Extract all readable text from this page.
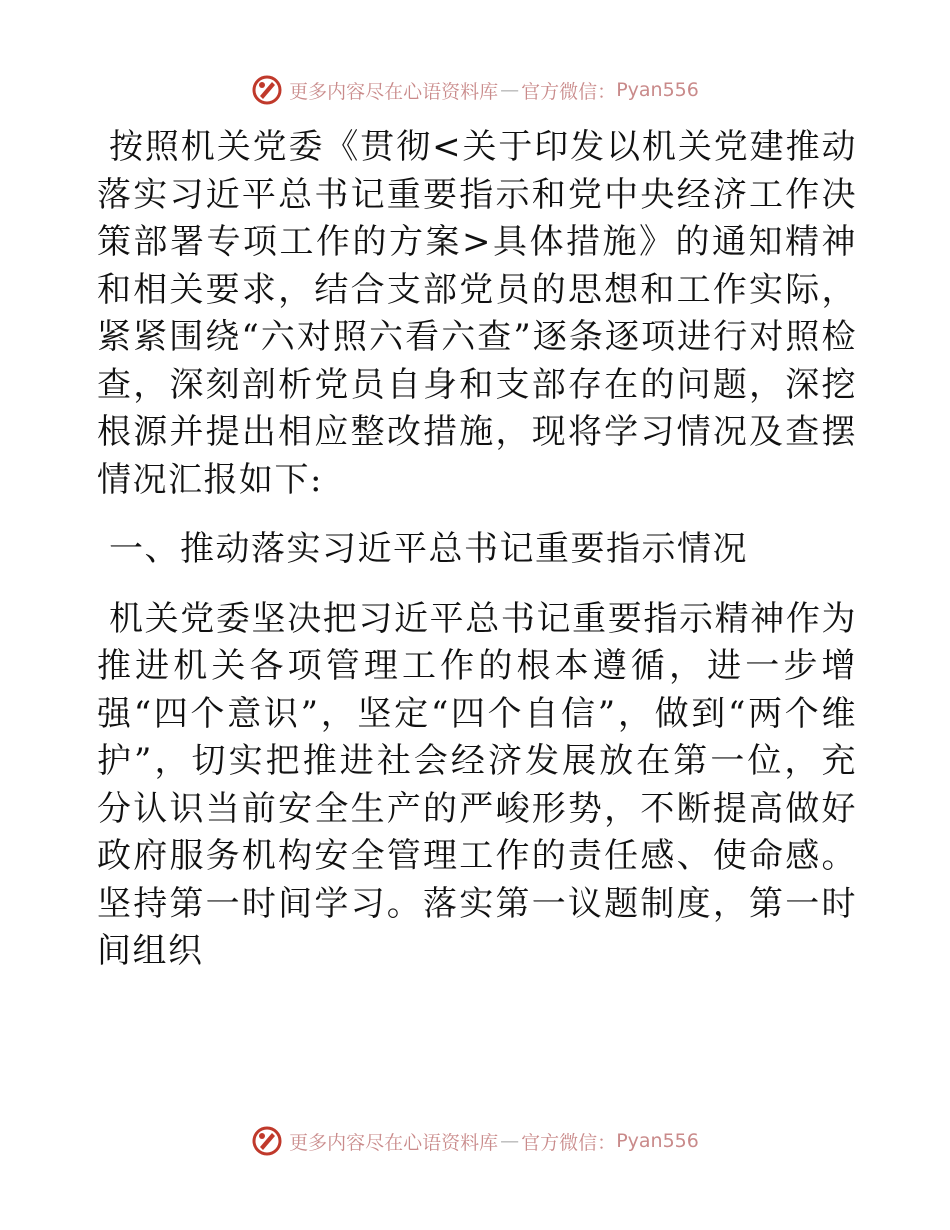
更多内容尽在心语资料库 — 官方微信： Pyan556

按照机关党委《贯彻<关于印发以机关党建推动落实习近平总书记重要指示和党中央经济工作决策部署专项工作的方案>具体措施》的通知精神和相关要求，结合支部党员的思想和工作实际，紧紧围绕“六对照六看六查”逐条逐项进行对照检查，深刻剖析党员自身和支部存在的问题，深挖根源并提出相应整改措施，现将学习情况及查摆情况汇报如下:

一、推动落实习近平总书记重要指示情况

机关党委坚决把习近平总书记重要指示精神作为推进机关各项管理工作的根本遵循，进一步增强“四个意识”，坚定“四个自信”，做到“两个维护”，切实把推进社会经济发展放在第一位，充分认识当前安全生产的严峻形势，不断提高做好政府服务机构安全管理工作的责任感、使命感。坚持第一时间学习。落实第一议题制度，第一时间组织

更多内容尽在心语资料库 — 官方微信： Pyan556
